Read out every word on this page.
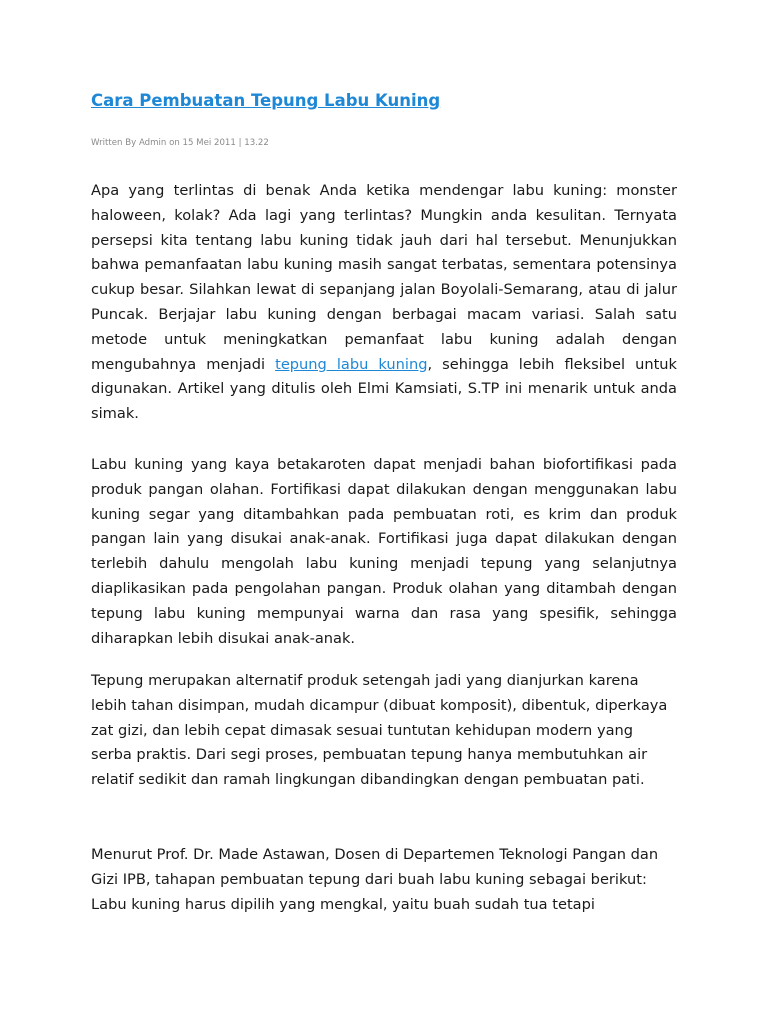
Cara Pembuatan Tepung Labu Kuning
Written By Admin on 15 Mei 2011 | 13.22

Apa yang terlintas di benak Anda ketika mendengar labu kuning: monster haloween, kolak? Ada lagi yang terlintas? Mungkin anda kesulitan. Ternyata persepsi kita tentang labu kuning tidak jauh dari hal tersebut. Menunjukkan bahwa pemanfaatan labu kuning masih sangat terbatas, sementara potensinya cukup besar. Silahkan lewat di sepanjang jalan Boyolali-Semarang, atau di jalur Puncak. Berjajar labu kuning dengan berbagai macam variasi. Salah satu metode untuk meningkatkan pemanfaat labu kuning adalah dengan mengubahnya menjadi tepung labu kuning, sehingga lebih fleksibel untuk digunakan. Artikel yang ditulis oleh Elmi Kamsiati, S.TP ini menarik untuk anda simak.

Labu kuning yang kaya betakaroten dapat menjadi bahan biofortifikasi pada produk pangan olahan. Fortifikasi dapat dilakukan dengan menggunakan labu kuning segar yang ditambahkan pada pembuatan roti, es krim dan produk pangan lain yang disukai anak-anak. Fortifikasi juga dapat dilakukan dengan terlebih dahulu mengolah labu kuning menjadi tepung yang selanjutnya diaplikasikan pada pengolahan pangan. Produk olahan yang ditambah dengan tepung labu kuning mempunyai warna dan rasa yang spesifik, sehingga diharapkan lebih disukai anak-anak.

Tepung merupakan alternatif produk setengah jadi yang dianjurkan karena lebih tahan disimpan, mudah dicampur (dibuat komposit), dibentuk, diperkaya zat gizi, dan lebih cepat dimasak sesuai tuntutan kehidupan modern yang serba praktis. Dari segi proses, pembuatan tepung hanya membutuhkan air relatif sedikit dan ramah lingkungan dibandingkan dengan pembuatan pati.

Menurut Prof. Dr. Made Astawan, Dosen di Departemen Teknologi Pangan dan Gizi IPB, tahapan pembuatan tepung dari buah labu kuning sebagai berikut: Labu kuning harus dipilih yang mengkal, yaitu buah sudah tua tetapi
